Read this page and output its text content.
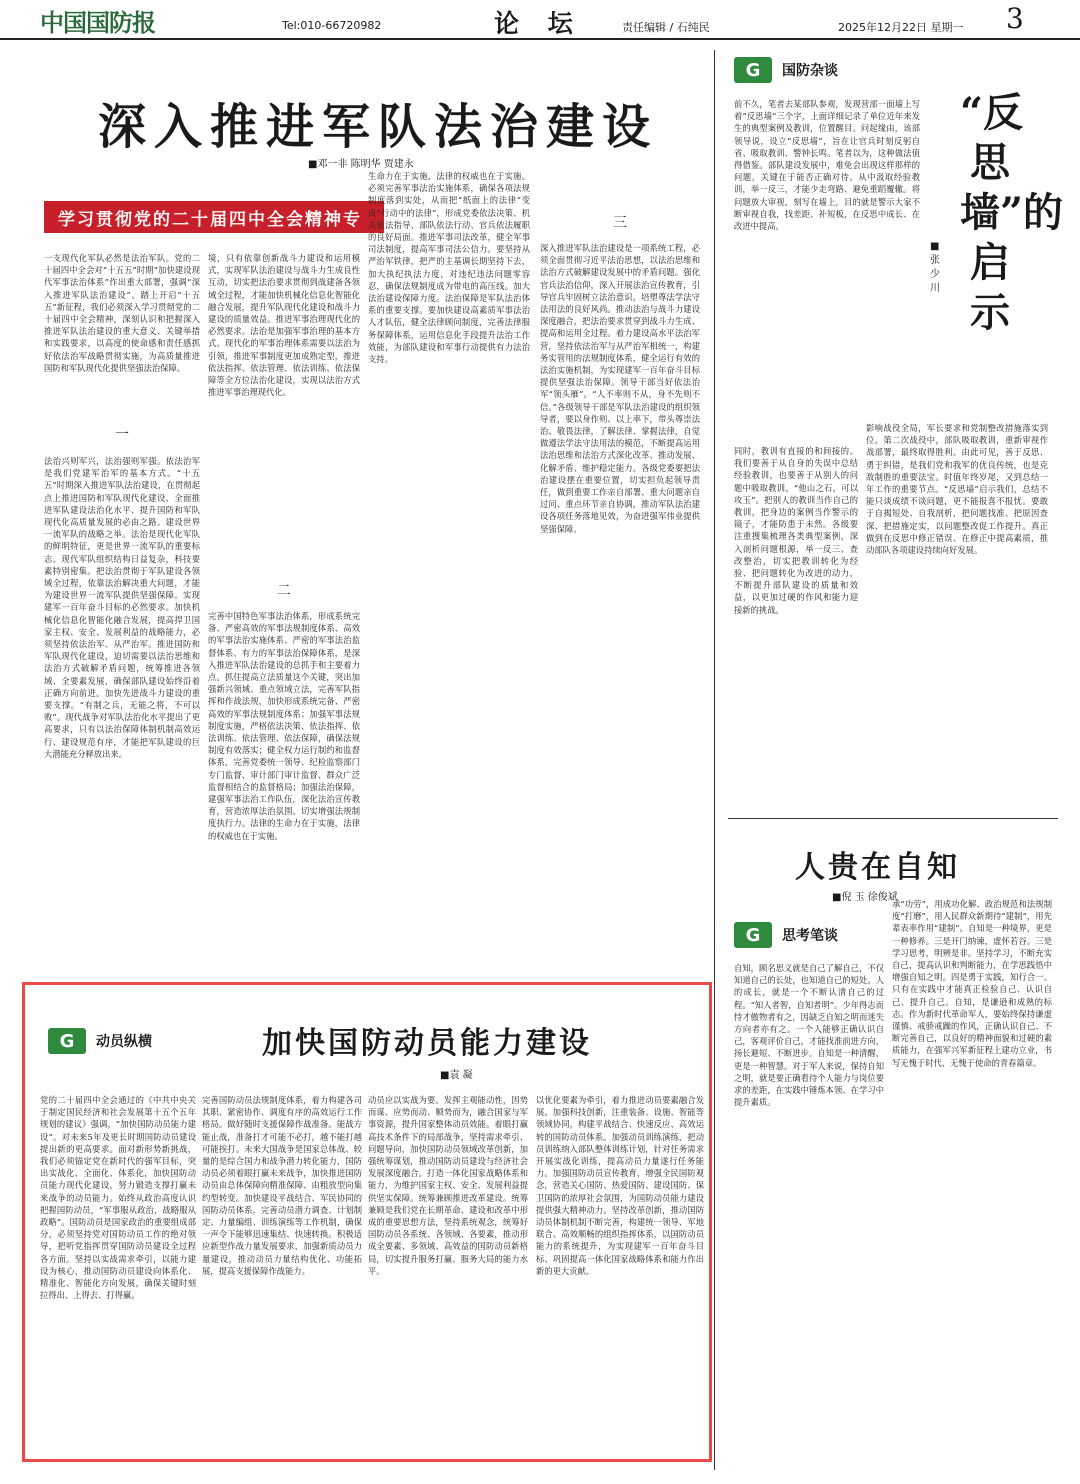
中国国防报	Tel:010-66720982	论 坛	责任编辑 / 石纯民	2025年12月22日 星期一 3
深入推进军队法治建设
■邓一非 陈明华 贾建永
学习贯彻党的二十届四中全会精神专论
一支现代化军队必然是法治军队。党的二十届四中全会对“十五五”时期“加快建设现代军事法治体系”作出重大部署，强调“深入推进军队法治建设”。踏上开启“十五五”新征程，我们必须深入学习贯彻党的二十届四中全会精神，深刻认识和把握深入推进军队法治建设的重大意义、关键举措和实践要求，以高度的使命感和责任感抓好依法治军战略贯彻实施，为高质量推进国防和军队现代化提供坚强法治保障。
一
法治兴则军兴，法治强则军强。依法治军是我们党建军治军的基本方式。“十五五”时期深入推进军队法治建设，在贯彻起点上推进国防和军队现代化建设、全面推进军队建设法治化水平、提升国防和军队现代化高质量发展的必由之路。建设世界一流军队的战略之举。法治是现代化军队的鲜明特征，更是世界一流军队的重要标志。现代军队组织结构日益复杂，科技要素特别密集。把法治贯彻于军队建设各领域全过程，依靠法治解决重大问题，才能为建设世界一流军队提供坚强保障。实现建军一百年奋斗目标的必然要求。加快机械化信息化智能化融合发展，提高捍卫国家主权、安全、发展利益的战略能力，必须坚持依法治军、从严治军。推进国防和军队现代化建设，迫切需要以法治思维和法治方式破解矛盾问题，统筹推进各领域、全要素发展，确保部队建设始终沿着正确方向前进。加快先进战斗力建设的重要支撑。“有制之兵，无能之将，不可以败”。现代战争对军队法治化水平提出了更高要求，只有以法治保障体制机制高效运行、建设规范有序，才能把军队建设的巨大潜能充分释放出来。
境，只有依靠创新战斗力建设和运用模式，实现军队法治建设与战斗力生成良性互动，切实把法治要求贯彻到战建备各领域全过程，才能加快机械化信息化智能化融合发展，提升军队现代化建设和战斗力建设的质量效益。推进军事治理现代化的必然要求。法治是加强军事治理的基本方式。现代化的军事治理体系需要以法治为引领，推进军事制度更加成熟定型，推进依法指挥、依法管理、依法训练、依法保障等全方位法治化建设，实现以法治方式推进军事治理现代化。
二
完善中国特色军事法治体系，形成系统完备、严密高效的军事法规制度体系、高效的军事法治实施体系、严密的军事法治监督体系、有力的军事法治保障体系，是深入推进军队法治建设的总抓手和主要着力点。抓住提高立法质量这个关键，突出加强新兴领域、重点领域立法，完善军队指挥和作战法规，加快形成系统完备、严密高效的军事法规制度体系；加强军事法规制度实施，严格依法决策、依法指挥、依法训练、依法管理、依法保障，确保法规制度有效落实；健全权力运行制约和监督体系，完善党委统一领导、纪检监察部门专门监督、审计部门审计监督、群众广泛监督相结合的监督格局；加强法治保障，建强军事法治工作队伍，深化法治宣传教育，营造浓厚法治氛围。切实增强法规制度执行力。法律的生命力在于实施，法律的权威也在于实施。
生命力在于实施，法律的权威也在于实施。必须完善军事法治实施体系，确保各项法规制度落到实处，从而把“纸面上的法律”变成“行动中的法律”，形成党委依法决策、机关依法指导、部队依法行动、官兵依法履职的良好局面。推进军事司法改革，健全军事司法制度，提高军事司法公信力。要坚持从严治军铁律，把严的主基调长期坚持下去，加大执纪执法力度，对违纪违法问题零容忍，确保法规制度成为带电的高压线。加大法治建设保障力度。法治保障是军队法治体系的重要支撑。要加快建设高素质军事法治人才队伍，健全法律顾问制度，完善法律服务保障体系，运用信息化手段提升法治工作效能，为部队建设和军事行动提供有力法治支持。
三
深入推进军队法治建设是一项系统工程，必须全面贯彻习近平法治思想，以法治思维和法治方式破解建设发展中的矛盾问题。强化官兵法治信仰，深入开展法治宣传教育，引导官兵牢固树立法治意识，培塑尊法学法守法用法的良好风尚。推动法治与战斗力建设深度融合，把法治要求贯穿到战斗力生成、提高和运用全过程。着力建设高水平法治军营，坚持依法治军与从严治军相统一，构建务实管用的法规制度体系，健全运行有效的法治实施机制，为实现建军一百年奋斗目标提供坚强法治保障。领导干部当好依法治军“领头雁”。“人不率则不从，身不先则不信。”各级领导干部是军队法治建设的组织领导者，要以身作则、以上率下，带头尊崇法治、敬畏法律，了解法律、掌握法律，自觉做遵法学法守法用法的模范，不断提高运用法治思维和法治方式深化改革、推动发展、化解矛盾、维护稳定能力。各级党委要把法治建设摆在重要位置，切实担负起领导责任，做到重要工作亲自部署、重大问题亲自过问、重点环节亲自协调，推动军队法治建设各项任务落地见效，为奋进强军伟业提供坚强保障。
G	国防杂谈
“反思墙”的启示
■张少川
前不久，笔者去某部队参观，发现营部一面墙上写着“反思墙”三个字，上面详细记录了单位近年来发生的典型案例及教训，位置醒目。问起缘由，该部领导说，设立“反思墙”，旨在让官兵时刻反躬自省、吸取教训、警钟长鸣。笔者以为，这种做法值得借鉴。部队建设发展中，难免会出现这样那样的问题，关键在于能否正确对待。从中汲取经验教训，举一反三，才能少走弯路、避免重蹈覆辙。将问题放大审视，刻写在墙上，目的就是警示大家不断审视自我，找差距、补短板，在反思中成长、在改进中提高。
影响战役全局，军长要求和党制整改措施落实到位。第二次战役中，部队吸取教训，重新审视作战部署，最终取得胜利。由此可见，善于反思、勇于纠错，是我们党和我军的优良传统，也是克敌制胜的重要法宝。时值年终岁尾，又到总结一年工作的重要节点。“反思墙”启示我们，总结不能只谈成绩不谈问题，更不能报喜不报忧。要敢于自揭短处、自我剖析，把问题找准、把原因查深、把措施定实，以问题整改促工作提升。真正做到在反思中修正错误、在修正中提高素质，推动部队各项建设持续向好发展。
同时，教训有直接的和间接的。我们要善于从自身的失误中总结经验教训，也要善于从别人的问题中吸取教训。“他山之石，可以攻玉”。把别人的教训当作自己的教训，把身边的案例当作警示的镜子，才能防患于未然。各级要注重搜集梳理各类典型案例，深入剖析问题根源，举一反三、查改整治，切实把教训转化为经验、把问题转化为改进的动力，不断提升部队建设的质量和效益，以更加过硬的作风和能力迎接新的挑战。
人贵在自知
■倪 玉 徐俊斌
G	思考笔谈
自知，顾名思义就是自己了解自己，不仅知道自己的长处，也知道自己的短处。人的成长，就是一个不断认清自己的过程。“知人者智，自知者明”。少年得志而恃才傲物者有之，因缺乏自知之明而迷失方向者亦有之。一个人能够正确认识自己，客观评价自己，才能找准前进方向，扬长避短、不断进步。自知是一种清醒，更是一种智慧。对于军人来说，保持自知之明，就是要正确看待个人能力与岗位要求的差距，在实践中锤炼本领、在学习中提升素质。
承“功劳”，用成功化解、政治规范和法规制度“打磨”，用人民群众新期待“建制”，用先辈表率作用“建制”。自知是一种境界，更是一种修养。三是开门纳谏，虚怀若谷。三是学习思考，明辨是非。坚持学习，不断充实自己，提高认识和判断能力，在学思践悟中增强自知之明。四是勇于实践，知行合一。只有在实践中才能真正检验自己、认识自己、提升自己。自知，是谦逊和成熟的标志。作为新时代革命军人，要始终保持谦虚谨慎、戒骄戒躁的作风，正确认识自己、不断完善自己，以良好的精神面貌和过硬的素质能力，在强军兴军新征程上建功立业，书写无愧于时代、无愧于使命的青春篇章。
G	动员纵横	加快国防动员能力建设
■袁 凝
党的二十届四中全会通过的《中共中央关于制定国民经济和社会发展第十五个五年规划的建议》强调，“加快国防动员能力建设”。对未来5年及更长时期国防动员建设提出新的更高要求。面对新形势新挑战，我们必须锚定党在新时代的强军目标，突出实战化、全面化、体系化，加快国防动员能力现代化建设，努力锻造支撑打赢未来战争的动员能力。始终从政治高度认识把握国防动员，“军事服从政治，战略服从政略”。国防动员是国家政治的重要组成部分，必须坚持党对国防动员工作的绝对领导，把听党指挥贯穿国防动员建设全过程各方面。坚持以实战需求牵引，以能力建设为核心，推动国防动员建设向体系化、精准化、智能化方向发展，确保关键时刻拉得出、上得去、打得赢。
完善国防动员法规制度体系，着力构建各司其职、紧密协作、调度有序的高效运行工作格局。做好随时支援保障作战准备。能战方能止战，准备打才可能不必打，越不能打越可能挨打。未来大国战争是国家总体战、较量的是综合国力和战争潜力转化能力，国防动员必须着眼打赢未来战争，加快推进国防动员由总体保障向精准保障、由粗放型向集约型转变。加快建设平战结合、军民协同的国防动员体系，完善动员潜力调查、计划制定、力量编组、训练演练等工作机制，确保一声令下能够迅速集结、快速转换。积极适应新型作战力量发展要求，加强新质动员力量建设，推动动员力量结构优化、功能拓展，提高支援保障作战能力。
动员应以实战为要。发挥主观能动性，因势而谋、应势而动、顺势而为，融合国家与军事资源，提升国家整体动员效能。着眼打赢高技术条件下的局部战争，坚持需求牵引、问题导向，加快国防动员领域改革创新，加强统筹谋划，推动国防动员建设与经济社会发展深度融合。打造一体化国家战略体系和能力，为维护国家主权、安全、发展利益提供坚实保障。统筹兼顾推进改革建设。统筹兼顾是我们党在长期革命、建设和改革中形成的重要思想方法，坚持系统观念，统筹好国防动员各系统、各领域、各要素，推动形成全要素、多领域、高效益的国防动员新格局，切实提升服务打赢、服务大局的能力水平。
以优化要素为牵引，着力推进动员要素融合发展。加强科技创新，注重装备、设施、智能等领域协同，构建平战结合、快速反应、高效运转的国防动员体系。加强动员训练演练，把动员训练纳入部队整体训练计划，针对任务需求开展实战化训练，提高动员力量遂行任务能力。加强国防动员宣传教育，增强全民国防观念，营造关心国防、热爱国防、建设国防、保卫国防的浓厚社会氛围，为国防动员能力建设提供强大精神动力。坚持改革创新，推动国防动员体制机制不断完善，构建统一领导、军地联合、高效顺畅的组织指挥体系，以国防动员能力的系统提升，为实现建军一百年奋斗目标、巩固提高一体化国家战略体系和能力作出新的更大贡献。
